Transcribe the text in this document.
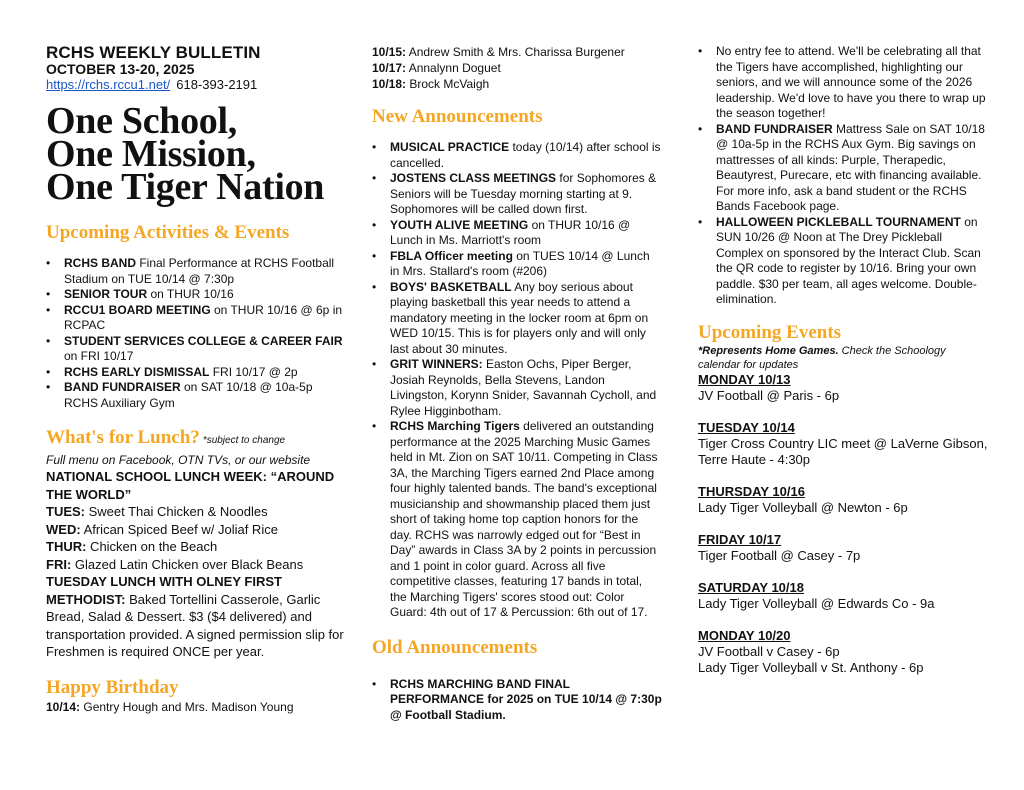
RCHS WEEKLY BULLETIN
OCTOBER 13-20, 2025
https://rchs.rccu1.net/ 618-393-2191
One School,
One Mission,
One Tiger Nation
Upcoming Activities & Events
• RCHS BAND Final Performance at RCHS Football Stadium on TUE 10/14 @ 7:30p
• SENIOR TOUR on THUR 10/16
• RCCU1 BOARD MEETING on THUR 10/16 @ 6p in RCPAC
• STUDENT SERVICES COLLEGE & CAREER FAIR on FRI 10/17
• RCHS EARLY DISMISSAL FRI 10/17 @ 2p
• BAND FUNDRAISER on SAT 10/18 @ 10a-5p RCHS Auxiliary Gym
What's for Lunch? *subject to change

Full menu on Facebook, OTN TVs, or our website

NATIONAL SCHOOL LUNCH WEEK: “AROUND THE WORLD”

TUES: Sweet Thai Chicken & Noodles

WED: African Spiced Beef w/ Joliaf Rice

THUR: Chicken on the Beach

FRI: Glazed Latin Chicken over Black Beans

TUESDAY LUNCH WITH OLNEY FIRST METHODIST: Baked Tortellini Casserole, Garlic Bread, Salad & Dessert. $3 ($4 delivered) and transportation provided. A signed permission slip for Freshmen is required ONCE per year.

Happy Birthday

10/14: Gentry Hough and Mrs. Madison Young

10/15: Andrew Smith & Mrs. Charissa Burgener

10/17: Annalynn Doguet

10/18: Brock McVaigh

New Announcements
• MUSICAL PRACTICE today (10/14) after school is cancelled.
• JOSTENS CLASS MEETINGS for Sophomores & Seniors will be Tuesday morning starting at 9. Sophomores will be called down first.
• YOUTH ALIVE MEETING on THUR 10/16 @ Lunch in Ms. Marriott's room
• FBLA Officer meeting on TUES 10/14 @ Lunch in Mrs. Stallard's room (#206)
• BOYS' BASKETBALL Any boy serious about playing basketball this year needs to attend a mandatory meeting in the locker room at 6pm on WED 10/15. This is for players only and will only last about 30 minutes.
• GRIT WINNERS: Easton Ochs, Piper Berger, Josiah Reynolds, Bella Stevens, Landon Livingston, Korynn Snider, Savannah Cycholl, and Rylee Higginbotham.
• RCHS Marching Tigers delivered an outstanding performance at the 2025 Marching Music Games held in Mt. Zion on SAT 10/11. Competing in Class 3A, the Marching Tigers earned 2nd Place among four highly talented bands. The band's exceptional musicianship and showmanship placed them just short of taking home top caption honors for the day. RCHS was narrowly edged out for “Best in Day” awards in Class 3A by 2 points in percussion and 1 point in color guard. Across all five competitive classes, featuring 17 bands in total, the Marching Tigers' scores stood out: Color Guard: 4th out of 17 & Percussion: 6th out of 17.
Old Announcements
• RCHS MARCHING BAND FINAL PERFORMANCE for 2025 on TUE 10/14 @ 7:30p @ Football Stadium.
• No entry fee to attend. We'll be celebrating all that the Tigers have accomplished, highlighting our seniors, and we will announce some of the 2026 leadership. We'd love to have you there to wrap up the season together!
• BAND FUNDRAISER Mattress Sale on SAT 10/18 @ 10a-5p in the RCHS Aux Gym. Big savings on mattresses of all kinds: Purple, Therapedic, Beautyrest, Purecare, etc with financing available. For more info, ask a band student or the RCHS Bands Facebook page.
• HALLOWEEN PICKLEBALL TOURNAMENT on SUN 10/26 @ Noon at The Drey Pickleball Complex on sponsored by the Interact Club. Scan the QR code to register by 10/16. Bring your own paddle. $30 per team, all ages welcome. Double-elimination.
Upcoming Events

*Represents Home Games. Check the Schoology calendar for updates

MONDAY 10/13
JV Football @ Paris - 6p
TUESDAY 10/14
Tiger Cross Country LIC meet @ LaVerne Gibson, Terre Haute - 4:30p
THURSDAY 10/16
Lady Tiger Volleyball @ Newton - 6p
FRIDAY 10/17
Tiger Football @ Casey - 7p
SATURDAY 10/18
Lady Tiger Volleyball @ Edwards Co - 9a
MONDAY 10/20
JV Football v Casey - 6p
Lady Tiger Volleyball v St. Anthony - 6p
